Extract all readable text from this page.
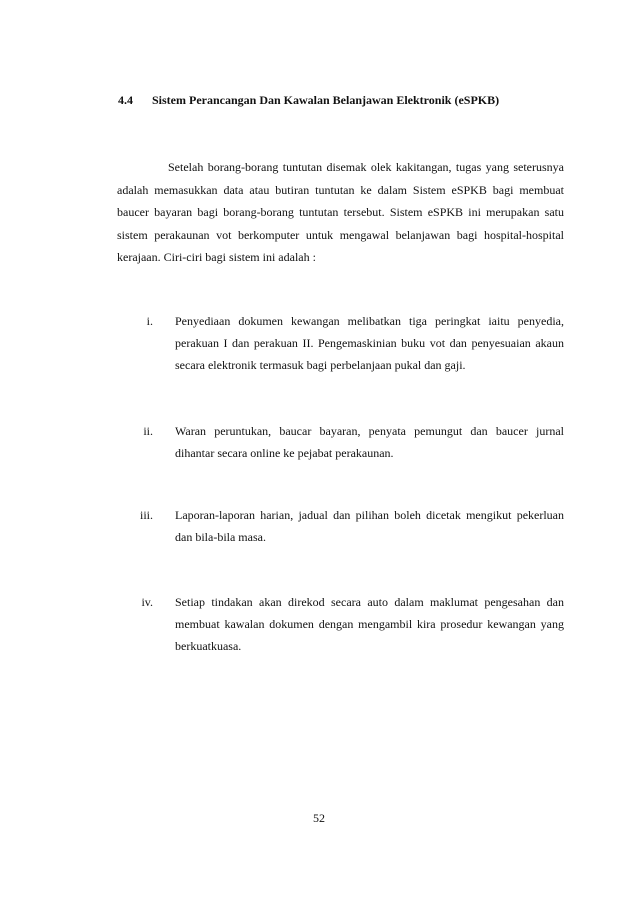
4.4 Sistem Perancangan Dan Kawalan Belanjawan Elektronik (eSPKB)

Setelah borang-borang tuntutan disemak olek kakitangan, tugas yang seterusnya adalah memasukkan data atau butiran tuntutan ke dalam Sistem eSPKB bagi membuat baucer bayaran bagi borang-borang tuntutan tersebut. Sistem eSPKB ini merupakan satu sistem perakaunan vot berkomputer untuk mengawal belanjawan bagi hospital-hospital kerajaan. Ciri-ciri bagi sistem ini adalah :

i. Penyediaan dokumen kewangan melibatkan tiga peringkat iaitu penyedia, perakuan I dan perakuan II. Pengemaskinian buku vot dan penyesuaian akaun secara elektronik termasuk bagi perbelanjaan pukal dan gaji.
ii. Waran peruntukan, baucar bayaran, penyata pemungut dan baucer jurnal dihantar secara online ke pejabat perakaunan.
iii. Laporan-laporan harian, jadual dan pilihan boleh dicetak mengikut pekerluan dan bila-bila masa.
iv. Setiap tindakan akan direkod secara auto dalam maklumat pengesahan dan membuat kawalan dokumen dengan mengambil kira prosedur kewangan yang berkuatkuasa.
52
